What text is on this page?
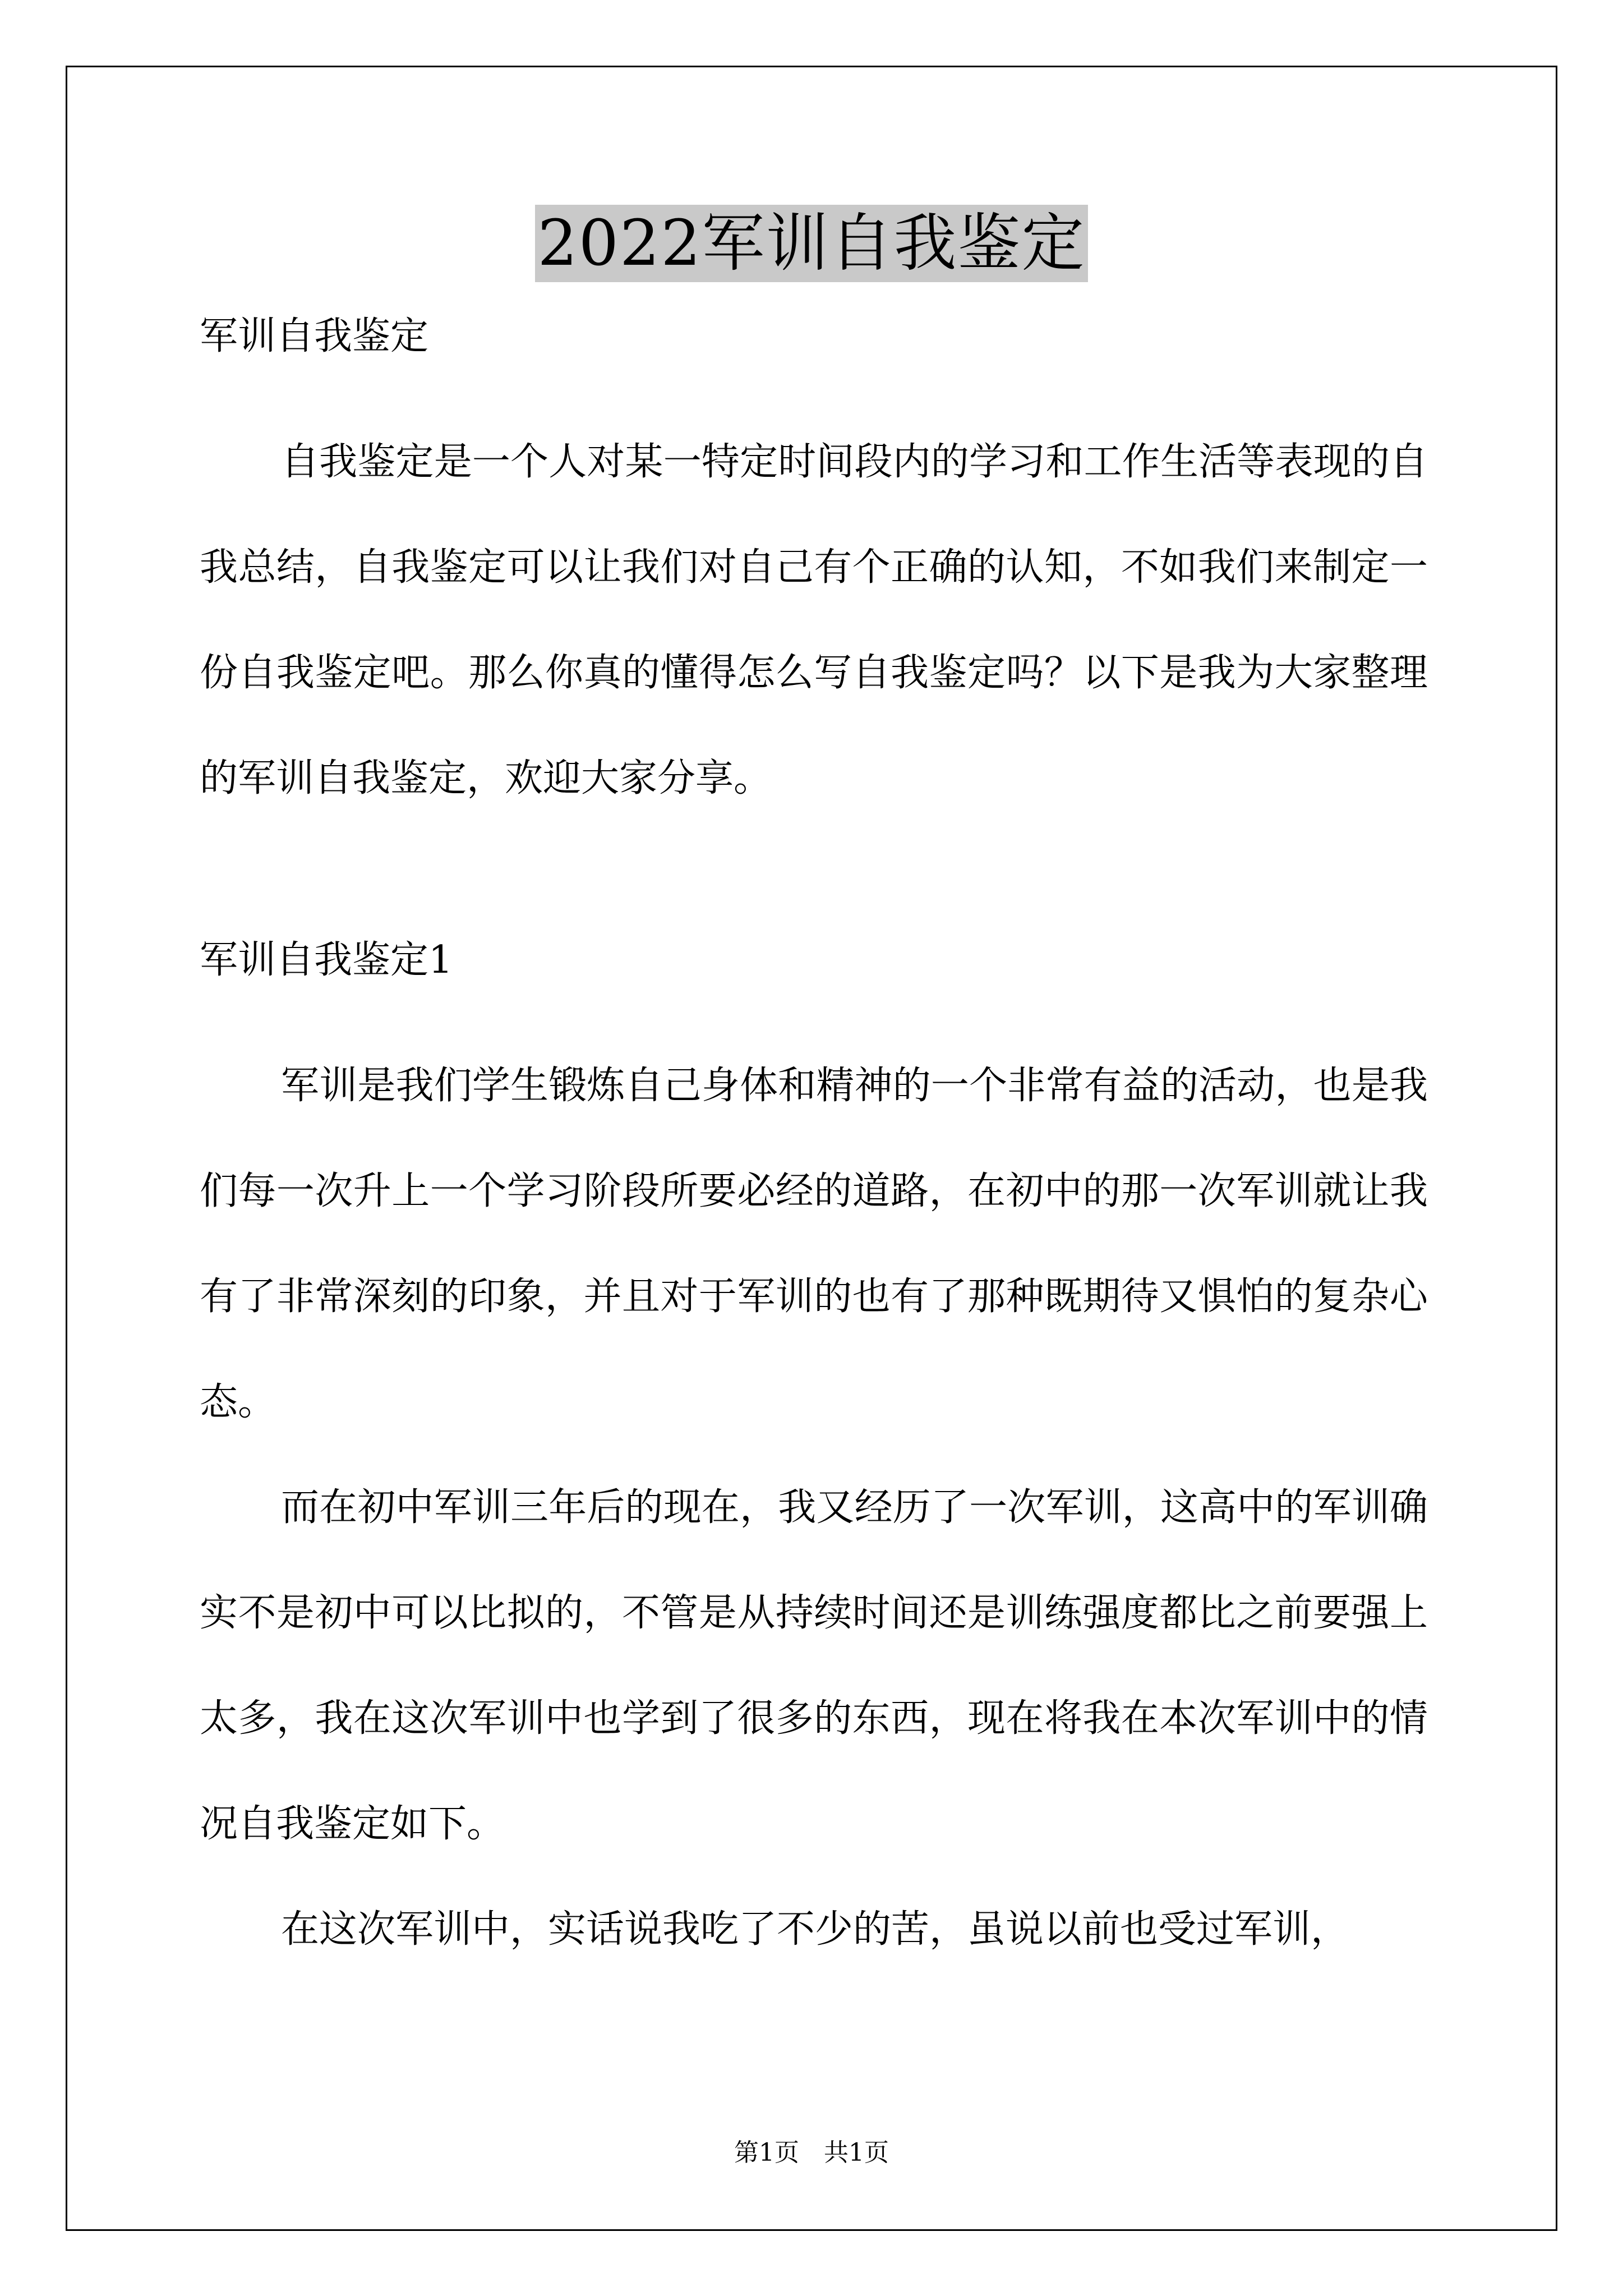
2022军训自我鉴定

军训自我鉴定

自我鉴定是一个人对某一特定时间段内的学习和工作生活等表现的自我总结，自我鉴定可以让我们对自己有个正确的认知，不如我们来制定一份自我鉴定吧。那么你真的懂得怎么写自我鉴定吗？以下是我为大家整理的军训自我鉴定，欢迎大家分享。

军训自我鉴定1

军训是我们学生锻炼自己身体和精神的一个非常有益的活动，也是我们每一次升上一个学习阶段所要必经的道路，在初中的那一次军训就让我有了非常深刻的印象，并且对于军训的也有了那种既期待又惧怕的复杂心态。

而在初中军训三年后的现在，我又经历了一次军训，这高中的军训确实不是初中可以比拟的，不管是从持续时间还是训练强度都比之前要强上太多，我在这次军训中也学到了很多的东西，现在将我在本次军训中的情况自我鉴定如下。

在这次军训中，实话说我吃了不少的苦，虽说以前也受过军训，

第1页 共1页
